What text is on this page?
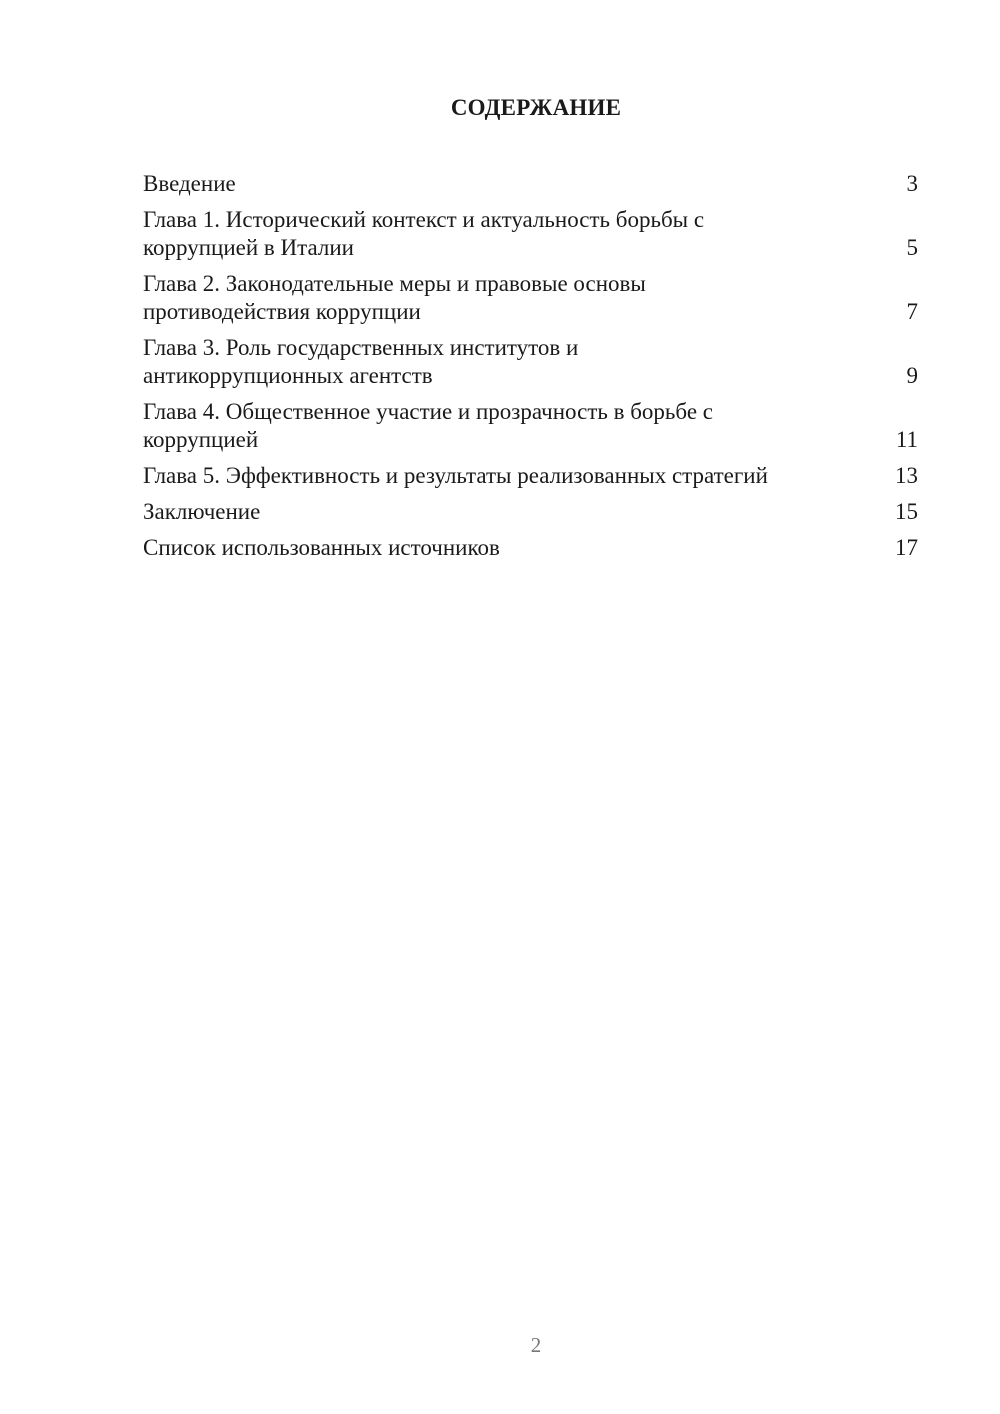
СОДЕРЖАНИЕ
Введение	3
Глава 1. Исторический контекст и актуальность борьбы с коррупцией в Италии	5
Глава 2. Законодательные меры и правовые основы противодействия коррупции	7
Глава 3. Роль государственных институтов и антикоррупционных агентств	9
Глава 4. Общественное участие и прозрачность в борьбе с коррупцией	11
Глава 5. Эффективность и результаты реализованных стратегий	13
Заключение	15
Список использованных источников	17
2
